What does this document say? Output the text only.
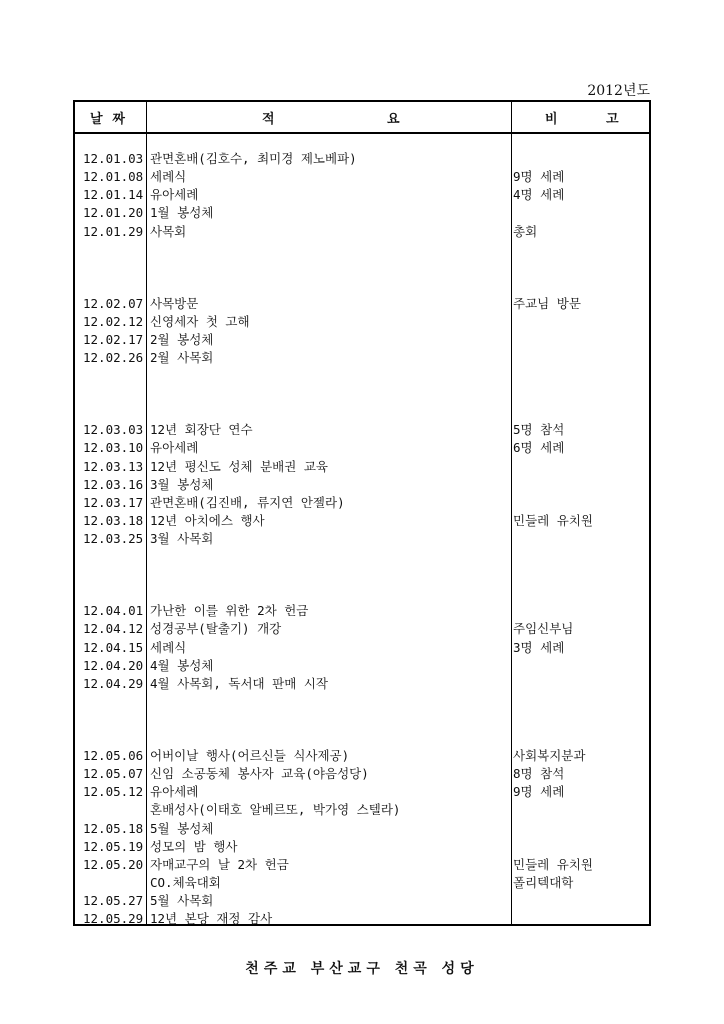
2012년도
날 짜	적	요	비	고
12.01.03 관면혼배(김호수, 최미경 제노베파)
12.01.08 세례식	9명 세례
12.01.14 유아세례	4명 세례
12.01.20 1월 봉성체
12.01.29 사목회	총회
12.02.07 사목방문	주교님 방문
12.02.12 신영세자 첫 고해
12.02.17 2월 봉성체
12.02.26 2월 사목회
12.03.03 12년 회장단 연수	5명 참석
12.03.10 유아세례	6명 세례
12.03.13 12년 평신도 성체 분배권 교육
12.03.16 3월 봉성체
12.03.17 관면혼배(김진배, 류지연 안젤라)
12.03.18 12년 아치에스 행사	민들레 유치원
12.03.25 3월 사목회
12.04.01 가난한 이를 위한 2차 헌금
12.04.12 성경공부(탈출기) 개강	주임신부님
12.04.15 세례식	3명 세례
12.04.20 4월 봉성체
12.04.29 4월 사목회, 독서대 판매 시작
12.05.06 어버이날 행사(어르신들 식사제공)	사회복지분과
12.05.07 신임 소공동체 봉사자 교육(야음성당)	8명 참석
12.05.12 유아세례	9명 세례
혼배성사(이태호 알베르또, 박가영 스텔라)
12.05.18 5월 봉성체
12.05.19 성모의 밤 행사
12.05.20 자매교구의 날 2차 헌금	민들레 유치원
CO.체육대회	폴리텍대학
12.05.27 5월 사목회
12.05.29 12년 본당 재정 감사
천주교 부산교구 천곡 성당
